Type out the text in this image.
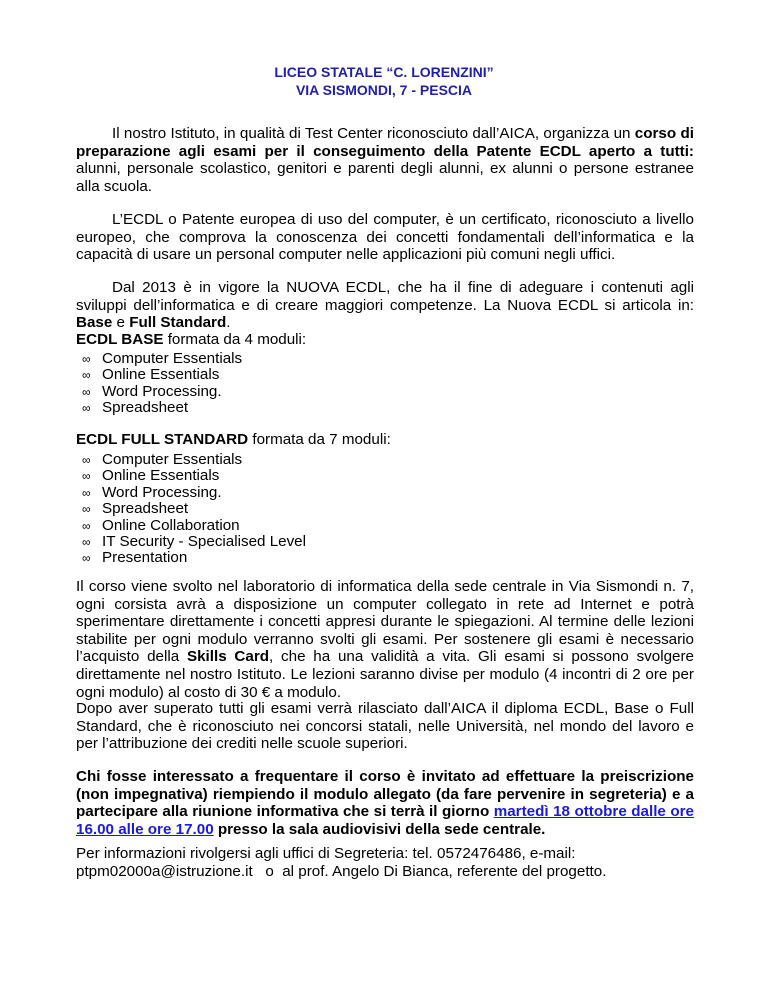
LICEO STATALE “C. LORENZINI”
VIA SISMONDI, 7 - PESCIA

Il nostro Istituto, in qualità di Test Center riconosciuto dall’AICA, organizza un corso di preparazione agli esami per il conseguimento della Patente ECDL aperto a tutti: alunni, personale scolastico, genitori e parenti degli alunni, ex alunni o persone estranee alla scuola.

L’ECDL o Patente europea di uso del computer, è un certificato, riconosciuto a livello europeo, che comprova la conoscenza dei concetti fondamentali dell’informatica e la capacità di usare un personal computer nelle applicazioni più comuni negli uffici.

Dal 2013 è in vigore la NUOVA ECDL, che ha il fine di adeguare i contenuti agli sviluppi dell’informatica e di creare maggiori competenze. La Nuova ECDL si articola in: Base e Full Standard.

ECDL BASE formata da 4 moduli:

∞ Computer Essentials
∞ Online Essentials
∞ Word Processing.
∞ Spreadsheet

ECDL FULL STANDARD formata da 7 moduli:

∞ Computer Essentials
∞ Online Essentials
∞ Word Processing.
∞ Spreadsheet
∞ Online Collaboration
∞ IT Security - Specialised Level
∞ Presentation

Il corso viene svolto nel laboratorio di informatica della sede centrale in Via Sismondi n. 7, ogni corsista avrà a disposizione un computer collegato in rete ad Internet e potrà sperimentare direttamente i concetti appresi durante le spiegazioni. Al termine delle lezioni stabilite per ogni modulo verranno svolti gli esami. Per sostenere gli esami è necessario l’acquisto della Skills Card, che ha una validità a vita. Gli esami si possono svolgere direttamente nel nostro Istituto. Le lezioni saranno divise per modulo (4 incontri di 2 ore per ogni modulo) al costo di 30 € a modulo.

Dopo aver superato tutti gli esami verrà rilasciato dall’AICA il diploma ECDL, Base o Full Standard, che è riconosciuto nei concorsi statali, nelle Università, nel mondo del lavoro e per l’attribuzione dei crediti nelle scuole superiori.

Chi fosse interessato a frequentare il corso è invitato ad effettuare la preiscrizione (non impegnativa) riempiendo il modulo allegato (da fare pervenire in segreteria) e a partecipare alla riunione informativa che si terrà il giorno martedì 18 ottobre dalle ore 16.00 alle ore 17.00 presso la sala audiovisivi della sede centrale.

Per informazioni rivolgersi agli uffici di Segreteria: tel. 0572476486, e-mail:
ptpm02000a@istruzione.it   o  al prof. Angelo Di Bianca, referente del progetto.
